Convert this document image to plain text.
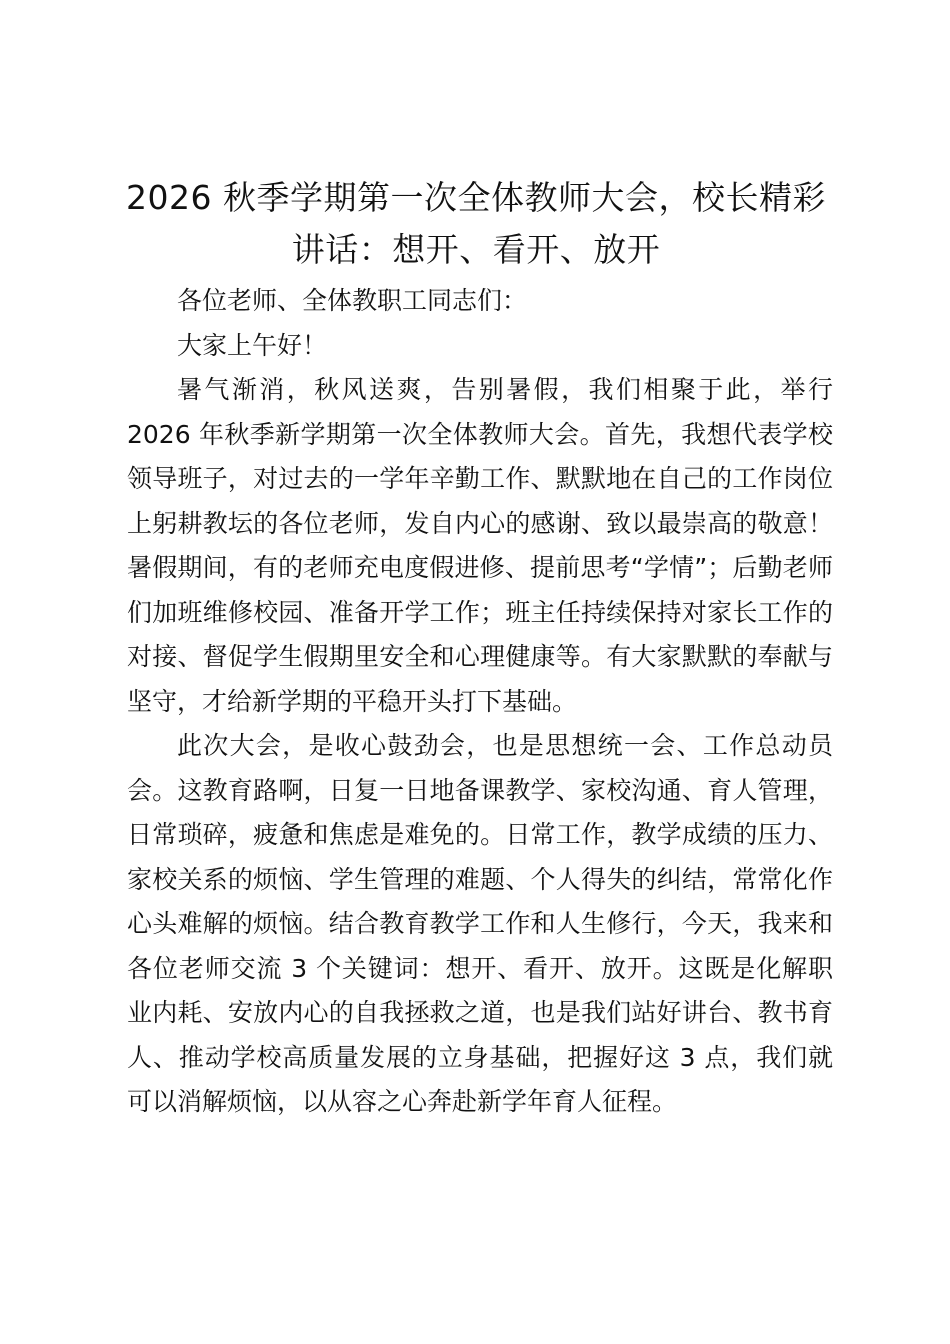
2026 秋季学期第一次全体教师大会，校长精彩讲话：想开、看开、放开

各位老师、全体教职工同志们：

大家上午好！

暑气渐消，秋风送爽，告别暑假，我们相聚于此，举行 2026 年秋季新学期第一次全体教师大会。首先，我想代表学校领导班子，对过去的一学年辛勤工作、默默地在自己的工作岗位上躬耕教坛的各位老师，发自内心的感谢、致以最崇高的敬意！暑假期间，有的老师充电度假进修、提前思考“学情”；后勤老师们加班维修校园、准备开学工作；班主任持续保持对家长工作的对接、督促学生假期里安全和心理健康等。有大家默默的奉献与坚守，才给新学期的平稳开头打下基础。

此次大会，是收心鼓劲会，也是思想统一会、工作总动员会。这教育路啊，日复一日地备课教学、家校沟通、育人管理，日常琐碎，疲惫和焦虑是难免的。日常工作，教学成绩的压力、家校关系的烦恼、学生管理的难题、个人得失的纠结，常常化作心头难解的烦恼。结合教育教学工作和人生修行，今天，我来和各位老师交流 3 个关键词：想开、看开、放开。这既是化解职业内耗、安放内心的自我拯救之道，也是我们站好讲台、教书育人、推动学校高质量发展的立身基础，把握好这 3 点，我们就可以消解烦恼，以从容之心奔赴新学年育人征程。
